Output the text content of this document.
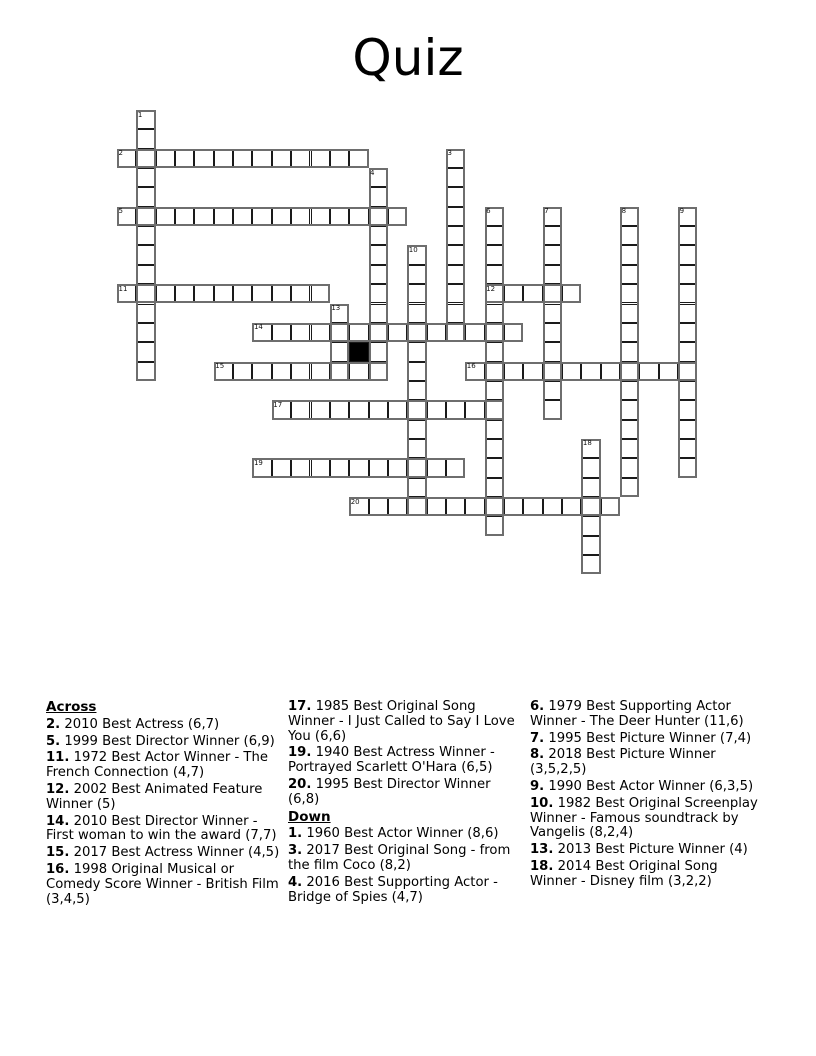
Quiz
1
2	3
4
5	6	7	8	9
10
11	12
13
14
15	16
17
18
19
20
Across
2. 2010 Best Actress (6,7)
5. 1999 Best Director Winner (6,9)
11. 1972 Best Actor Winner - The French Connection (4,7)
12. 2002 Best Animated Feature Winner (5)
14. 2010 Best Director Winner - First woman to win the award (7,7)
15. 2017 Best Actress Winner (4,5)
16. 1998 Original Musical or Comedy Score Winner - British Film (3,4,5)
17. 1985 Best Original Song Winner - I Just Called to Say I Love You (6,6)
19. 1940 Best Actress Winner - Portrayed Scarlett O'Hara (6,5)
20. 1995 Best Director Winner (6,8)
Down
1. 1960 Best Actor Winner (8,6)
3. 2017 Best Original Song - from the film Coco (8,2)
4. 2016 Best Supporting Actor - Bridge of Spies (4,7)
6. 1979 Best Supporting Actor Winner - The Deer Hunter (11,6)
7. 1995 Best Picture Winner (7,4)
8. 2018 Best Picture Winner (3,5,2,5)
9. 1990 Best Actor Winner (6,3,5)
10. 1982 Best Original Screenplay Winner - Famous soundtrack by Vangelis (8,2,4)
13. 2013 Best Picture Winner (4)
18. 2014 Best Original Song Winner - Disney film (3,2,2)
